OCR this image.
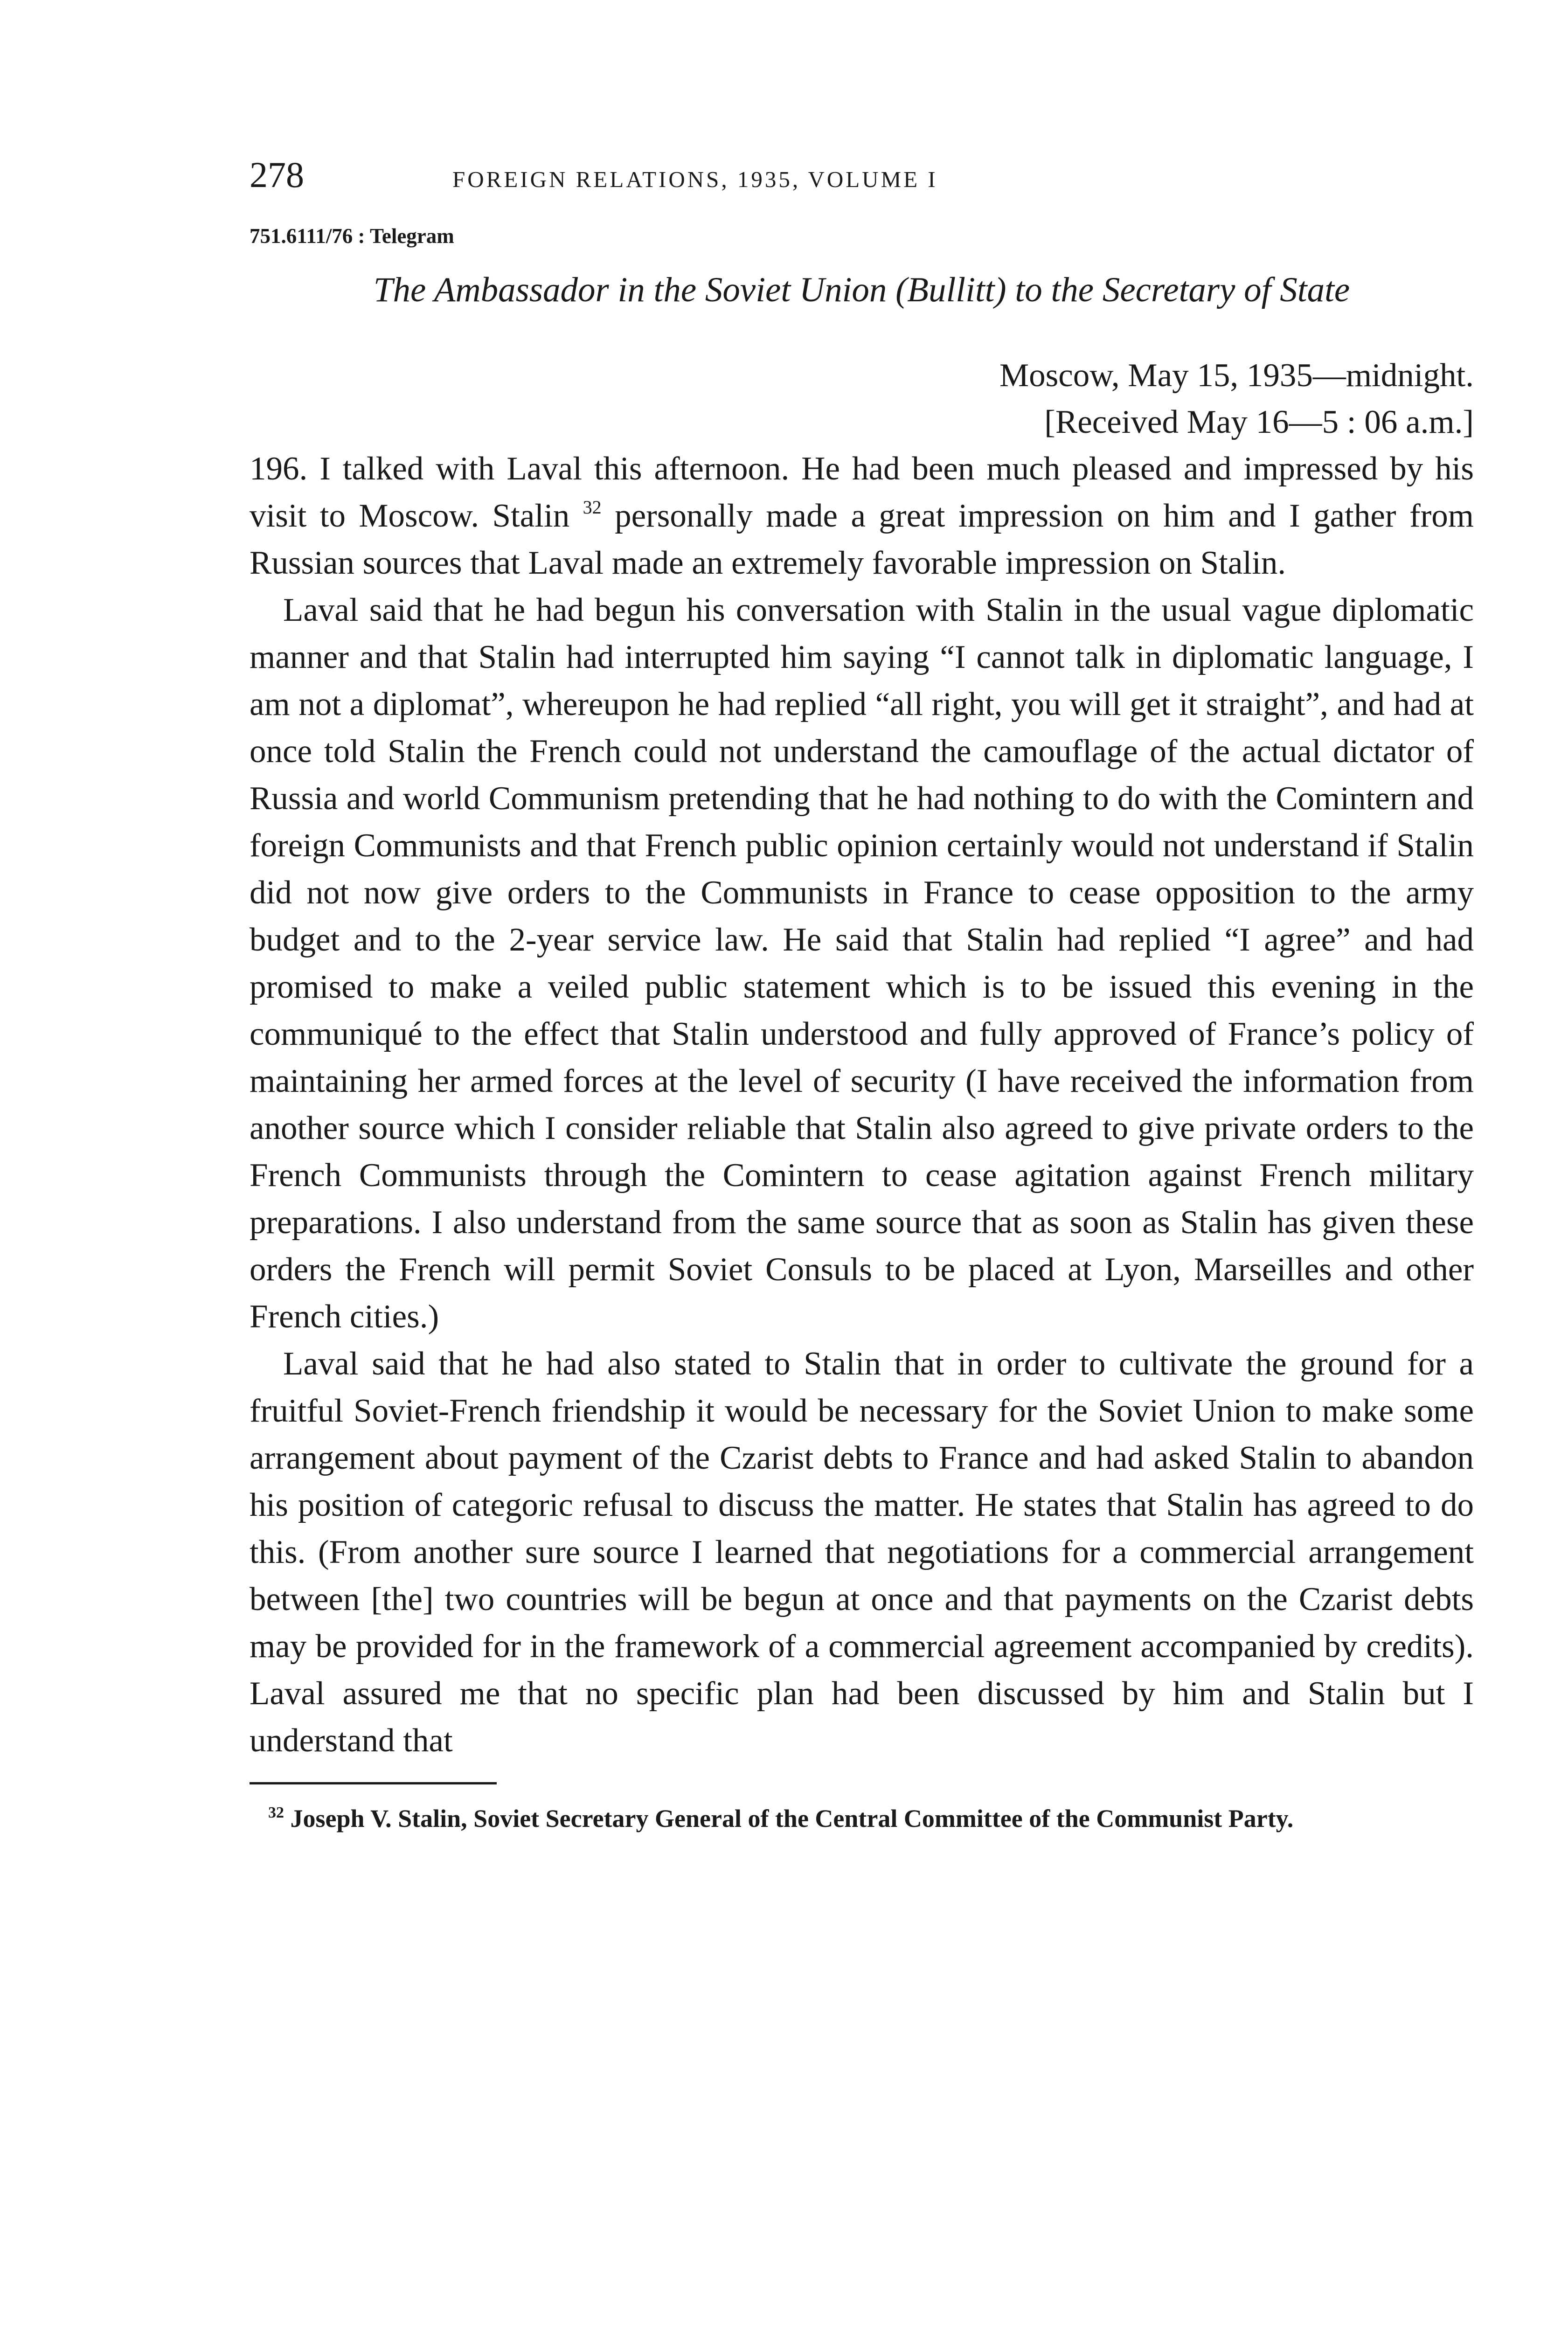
278	FOREIGN RELATIONS, 1935, VOLUME I
751.6111/76 : Telegram
The Ambassador in the Soviet Union (Bullitt) to the Secretary of State
Moscow, May 15, 1935—midnight.
[Received May 16—5 : 06 a.m.]

196. I talked with Laval this afternoon. He had been much pleased and impressed by his visit to Moscow. Stalin $^{32}$ personally made a great impression on him and I gather from Russian sources that Laval made an extremely favorable impression on Stalin.

Laval said that he had begun his conversation with Stalin in the usual vague diplomatic manner and that Stalin had interrupted him saying “I cannot talk in diplomatic language, I am not a diplomat”, whereupon he had replied “all right, you will get it straight”, and had at once told Stalin the French could not understand the camouflage of the actual dictator of Russia and world Communism pretending that he had nothing to do with the Comintern and foreign Communists and that French public opinion certainly would not understand if Stalin did not now give orders to the Communists in France to cease opposition to the army budget and to the 2-year service law. He said that Stalin had replied “I agree” and had promised to make a veiled public statement which is to be issued this evening in the communiqué to the effect that Stalin understood and fully approved of France’s policy of maintaining her armed forces at the level of security (I have received the information from another source which I consider reliable that Stalin also agreed to give private orders to the French Communists through the Comintern to cease agitation against French military preparations. I also understand from the same source that as soon as Stalin has given these orders the French will permit Soviet Consuls to be placed at Lyon, Marseilles and other French cities.)

Laval said that he had also stated to Stalin that in order to cultivate the ground for a fruitful Soviet-French friendship it would be necessary for the Soviet Union to make some arrangement about payment of the Czarist debts to France and had asked Stalin to abandon his position of categoric refusal to discuss the matter. He states that Stalin has agreed to do this. (From another sure source I learned that negotiations for a commercial arrangement between [the] two countries will be begun at once and that payments on the Czarist debts may be provided for in the framework of a commercial agreement accompanied by credits). Laval assured me that no specific plan had been discussed by him and Stalin but I understand that

$^{32}$ Joseph V. Stalin, Soviet Secretary General of the Central Committee of the Communist Party.
